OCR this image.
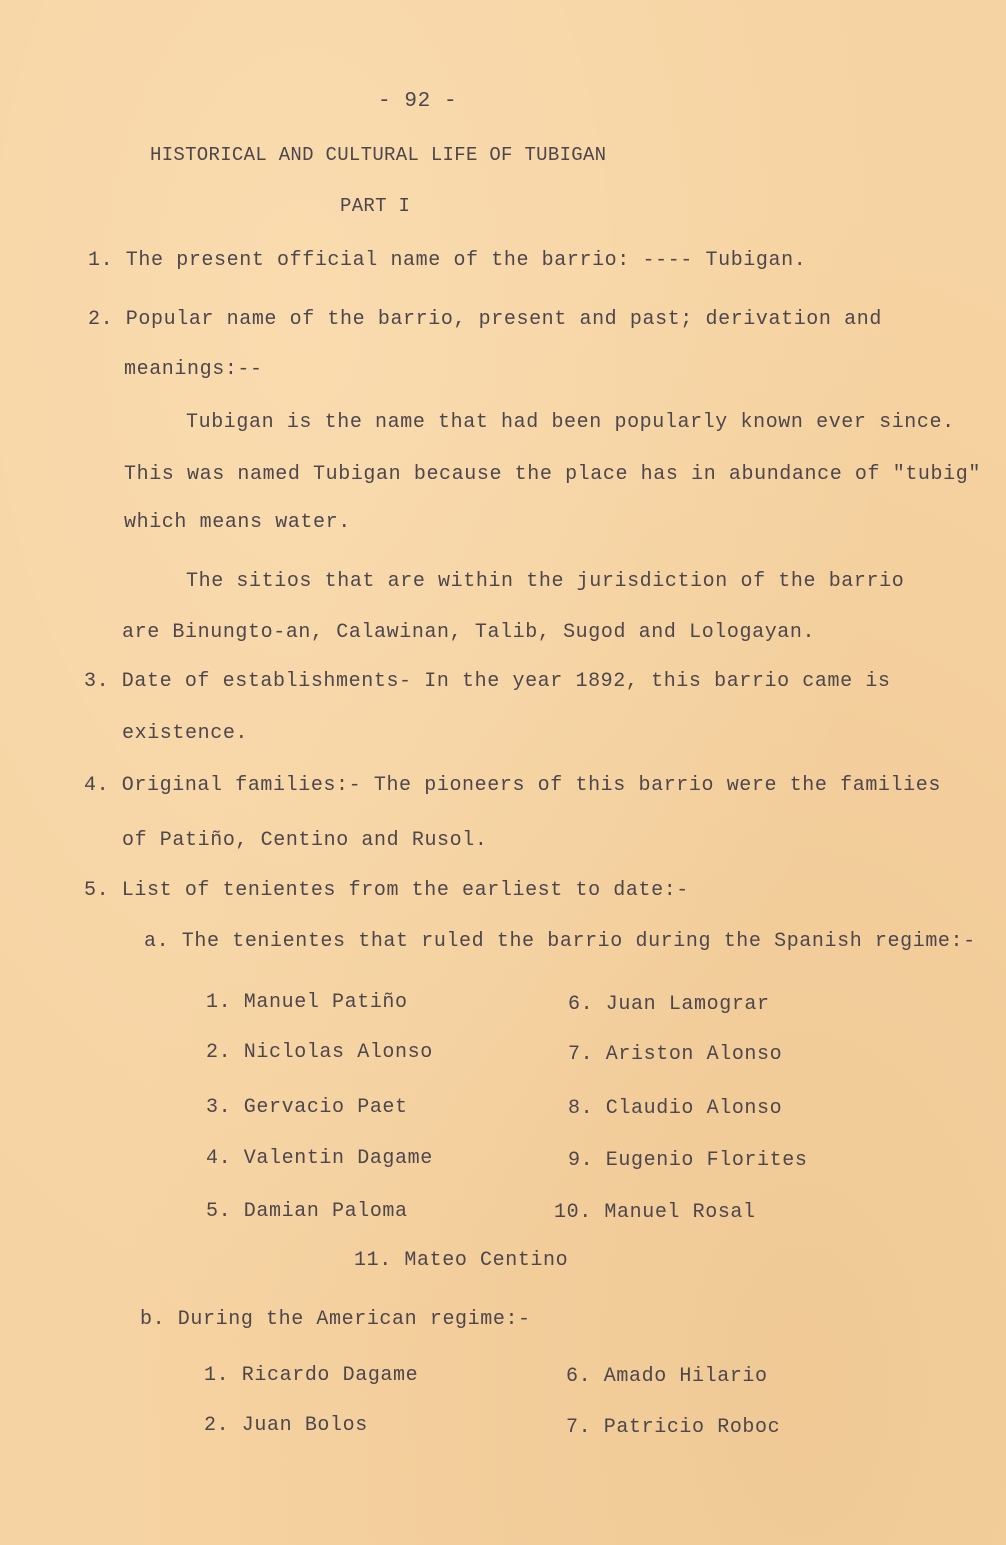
- 92 -
HISTORICAL AND CULTURAL LIFE OF TUBIGAN
PART I
1. The present official name of the barrio: ---- Tubigan.
2. Popular name of the barrio, present and past; derivation and
meanings:--
Tubigan is the name that had been popularly known ever since.
This was named Tubigan because the place has in abundance of "tubig"
which means water.
The sitios that are within the jurisdiction of the barrio
are Binungto-an, Calawinan, Talib, Sugod and Lologayan.
3. Date of establishments- In the year 1892, this barrio came is
existence.
4. Original families:- The pioneers of this barrio were the families
of Patiño, Centino and Rusol.
5. List of tenientes from the earliest to date:-
a. The tenientes that ruled the barrio during the Spanish regime:-
1. Manuel Patiño
2. Niclolas Alonso
3. Gervacio Paet
4. Valentin Dagame
5. Damian Paloma
6. Juan Lamograr
7. Ariston Alonso
8. Claudio Alonso
9. Eugenio Florites
10. Manuel Rosal
11. Mateo Centino
b. During the American regime:-
1. Ricardo Dagame
2. Juan Bolos
6. Amado Hilario
7. Patricio Roboc
